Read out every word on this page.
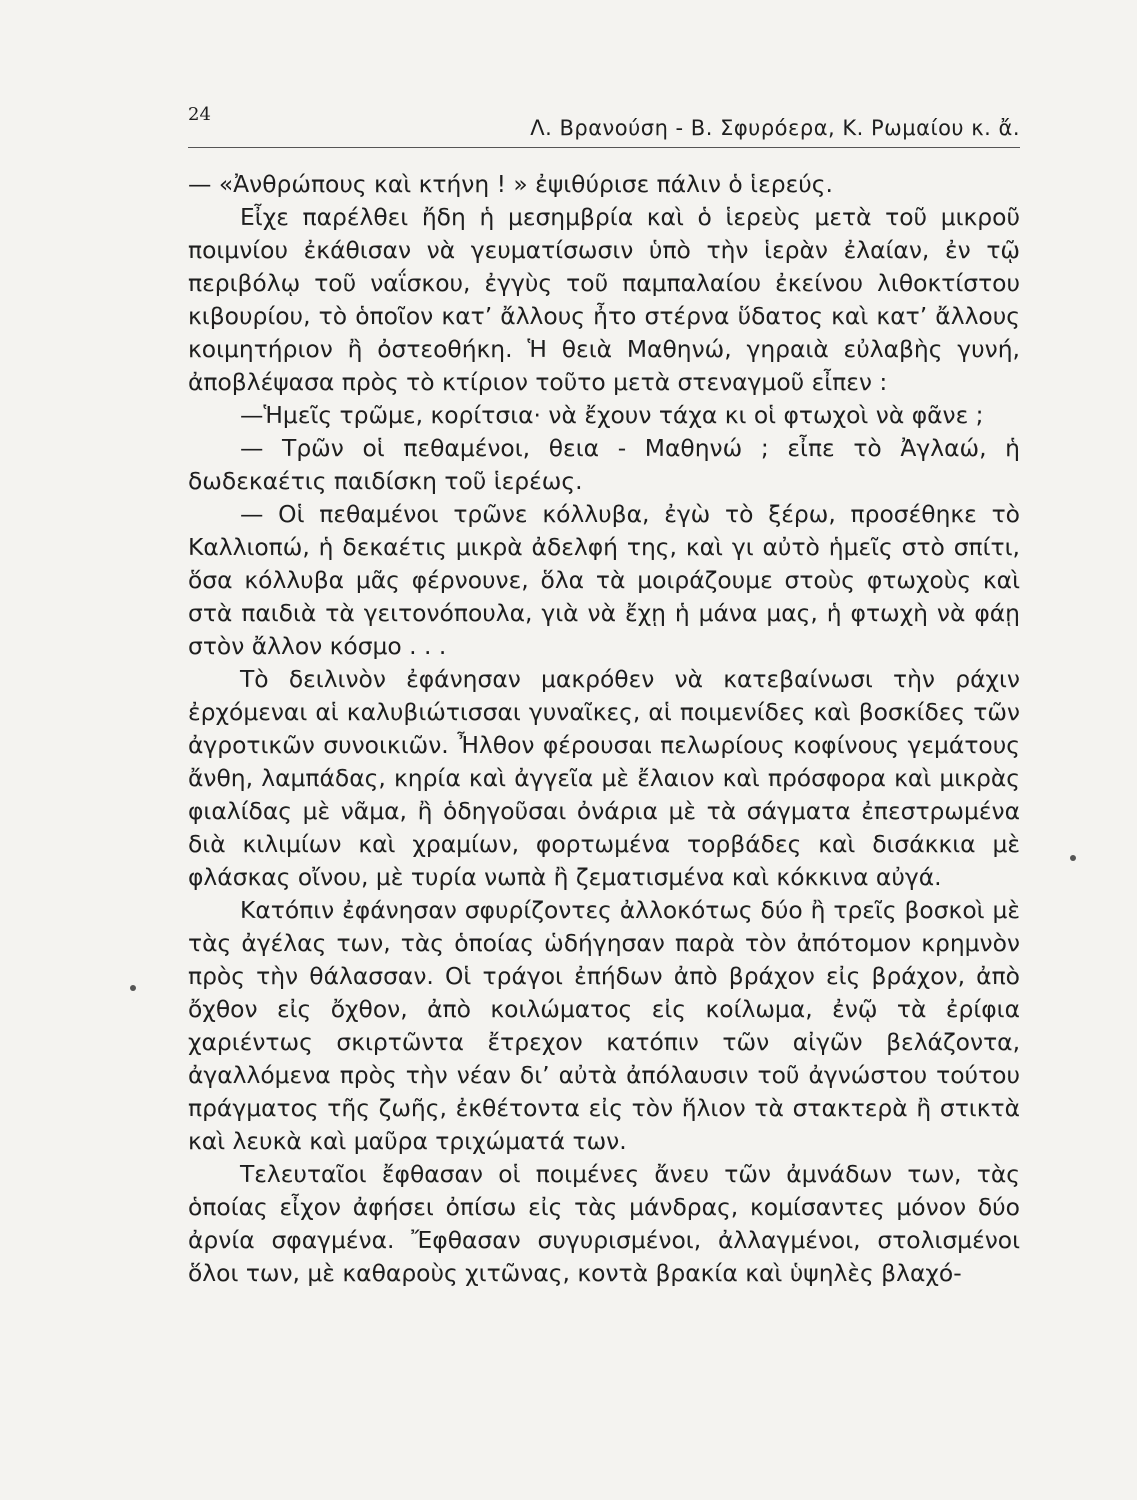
24
Λ. Βρανούση - Β. Σφυρόερα, Κ. Ρωμαίου κ. ἄ.

— «Ἀνθρώπους καὶ κτήνη ! » ἐψιθύρισε πάλιν ὁ ἱερεύς.

Εἶχε παρέλθει ἤδη ἡ μεσημβρία καὶ ὁ ἱερεὺς μετὰ τοῦ μικροῦ ποιμνίου ἐκάθισαν νὰ γευματίσωσιν ὑπὸ τὴν ἱερὰν ἐλαίαν, ἐν τῷ περιβόλῳ τοῦ ναΐσκου, ἐγγὺς τοῦ παμπαλαίου ἐκείνου λιθοκτίστου κιβουρίου, τὸ ὁποῖον κατ’ ἄλλους ἦτο στέρνα ὕδατος καὶ κατ’ ἄλλους κοιμητήριον ἢ ὀστεοθήκη. Ἡ θειὰ Μαθηνώ, γηραιὰ εὐλαβὴς γυνή, ἀποβλέψασα πρὸς τὸ κτίριον τοῦτο μετὰ στεναγμοῦ εἶπεν :

—Ἡμεῖς τρῶμε, κορίτσια· νὰ ἔχουν τάχα κι οἱ φτωχοὶ νὰ φᾶνε ;

— Τρῶν οἱ πεθαμένοι, θεια - Μαθηνώ ; εἶπε τὸ Ἀγλαώ, ἡ δωδεκαέτις παιδίσκη τοῦ ἱερέως.

— Οἱ πεθαμένοι τρῶνε κόλλυβα, ἐγὼ τὸ ξέρω, προσέθηκε τὸ Καλλιοπώ, ἡ δεκαέτις μικρὰ ἀδελφή της, καὶ γι αὐτὸ ἡμεῖς στὸ σπίτι, ὅσα κόλλυβα μᾶς φέρνουνε, ὅλα τὰ μοιράζουμε στοὺς φτωχοὺς καὶ στὰ παιδιὰ τὰ γειτονόπουλα, γιὰ νὰ ἔχῃ ἡ μάνα μας, ἡ φτωχὴ νὰ φάῃ στὸν ἄλλον κόσμο . . .

Τὸ δειλινὸν ἐφάνησαν μακρόθεν νὰ κατεβαίνωσι τὴν ράχιν ἐρχόμεναι αἱ καλυβιώτισσαι γυναῖκες, αἱ ποιμενίδες καὶ βοσκίδες τῶν ἀγροτικῶν συνοικιῶν. Ἦλθον φέρουσαι πελωρίους κοφίνους γεμάτους ἄνθη, λαμπάδας, κηρία καὶ ἀγγεῖα μὲ ἔλαιον καὶ πρόσφορα καὶ μικρὰς φιαλίδας μὲ νᾶμα, ἢ ὁδηγοῦσαι ὀνάρια μὲ τὰ σάγματα ἐπεστρωμένα διὰ κιλιμίων καὶ χραμίων, φορτωμένα τορβάδες καὶ δισάκκια μὲ φλάσκας οἴνου, μὲ τυρία νωπὰ ἢ ζεματισμένα καὶ κόκκινα αὐγά.

Κατόπιν ἐφάνησαν σφυρίζοντες ἀλλοκότως δύο ἢ τρεῖς βοσκοὶ μὲ τὰς ἀγέλας των, τὰς ὁποίας ὡδήγησαν παρὰ τὸν ἀπότομον κρημνὸν πρὸς τὴν θάλασσαν. Οἱ τράγοι ἐπήδων ἀπὸ βράχον εἰς βράχον, ἀπὸ ὄχθον εἰς ὄχθον, ἀπὸ κοιλώματος εἰς κοίλωμα, ἐνῷ τὰ ἐρίφια χαριέντως σκιρτῶντα ἔτρεχον κατόπιν τῶν αἰγῶν βελάζοντα, ἀγαλλόμενα πρὸς τὴν νέαν δι’ αὐτὰ ἀπόλαυσιν τοῦ ἀγνώστου τούτου πράγματος τῆς ζωῆς, ἐκθέτοντα εἰς τὸν ἥλιον τὰ στακτερὰ ἢ στικτὰ καὶ λευκὰ καὶ μαῦρα τριχώματά των.

Τελευταῖοι ἔφθασαν οἱ ποιμένες ἄνευ τῶν ἀμνάδων των, τὰς ὁποίας εἶχον ἀφήσει ὀπίσω εἰς τὰς μάνδρας, κομίσαντες μόνον δύο ἀρνία σφαγμένα. Ἔφθασαν συγυρισμένοι, ἀλλαγμένοι, στολισμένοι ὅλοι των, μὲ καθαροὺς χιτῶνας, κοντὰ βρακία καὶ ὑψηλὲς βλαχό-
